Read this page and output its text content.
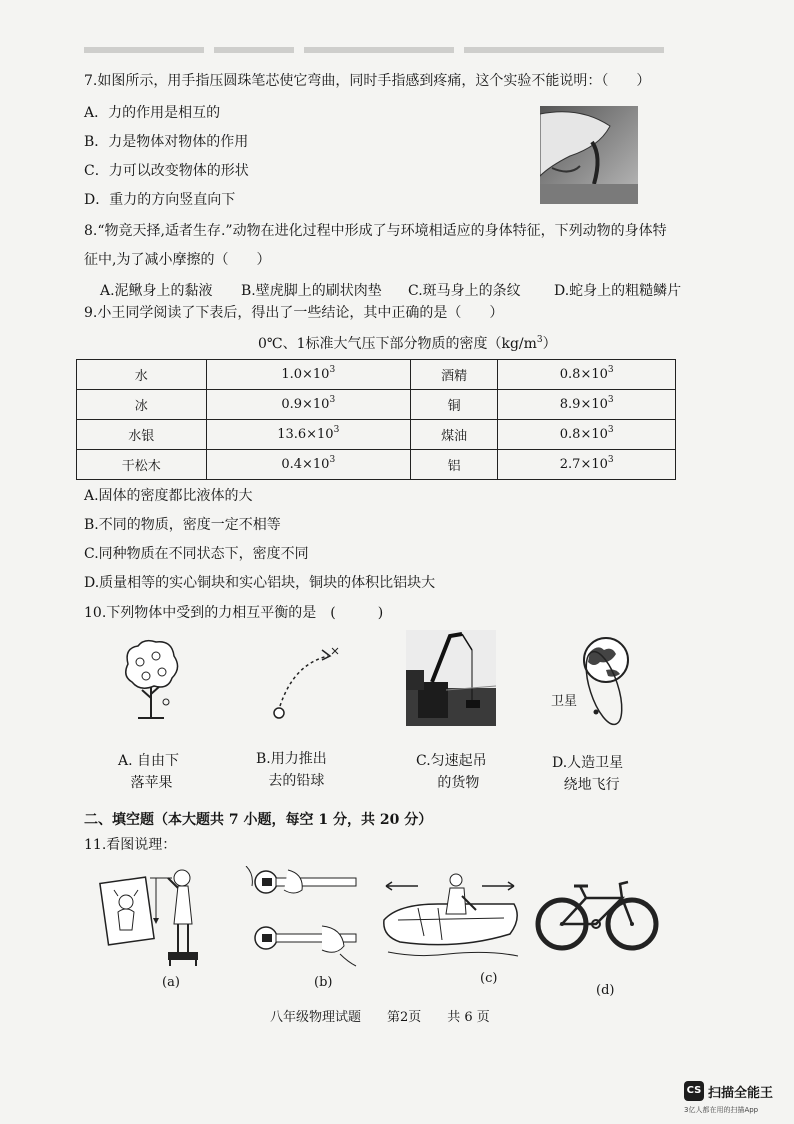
7.如图所示，用手指压圆珠笔芯使它弯曲，同时手指感到疼痛，这个实验不能说明：（　　）
A．力的作用是相互的
B．力是物体对物体的作用
C．力可以改变物体的形状
D．重力的方向竖直向下
8.“物竞天择,适者生存.”动物在进化过程中形成了与环境相适应的身体特征，下列动物的身体特
征中,为了减小摩擦的（　　）
A.泥鳅身上的黏液 B.壁虎脚上的刷状肉垫 C.斑马身上的条纹 D.蛇身上的粗糙鳞片
9.小王同学阅读了下表后，得出了一些结论，其中正确的是（　　）
0℃、1标准大气压下部分物质的密度$(kg/m^3)$
水	$1.0\times 10^3$	酒精	$0.8\times 10^3$
冰	$0.9\times 10^3$	铜	$8.9\times 10^3$
水银	$13.6\times 10^3$	煤油	$0.8\times 10^3$
干松木	$0.4\times 10^3$	铝	$2.7\times 10^3$
A.固体的密度都比液体的大
B.不同的物质，密度一定不相等
C.同种物质在不同状态下，密度不同
D.质量相等的实心铜块和实心铝块，铜块的体积比铝块大
10.下列物体中受到的力相互平衡的是　(　　　)
卫星
A. 自由下
落苹果
B.用力推出
去的铅球
C.匀速起吊
的货物
D.人造卫星
绕地飞行
二、填空题（本大题共 7 小题，每空 1 分，共 20 分）
11.看图说理：
(a)	(b)	(c)
(d)
八年级物理试题　　第2页　　共 6 页
CS 扫描全能王
3亿人都在用的扫描App
